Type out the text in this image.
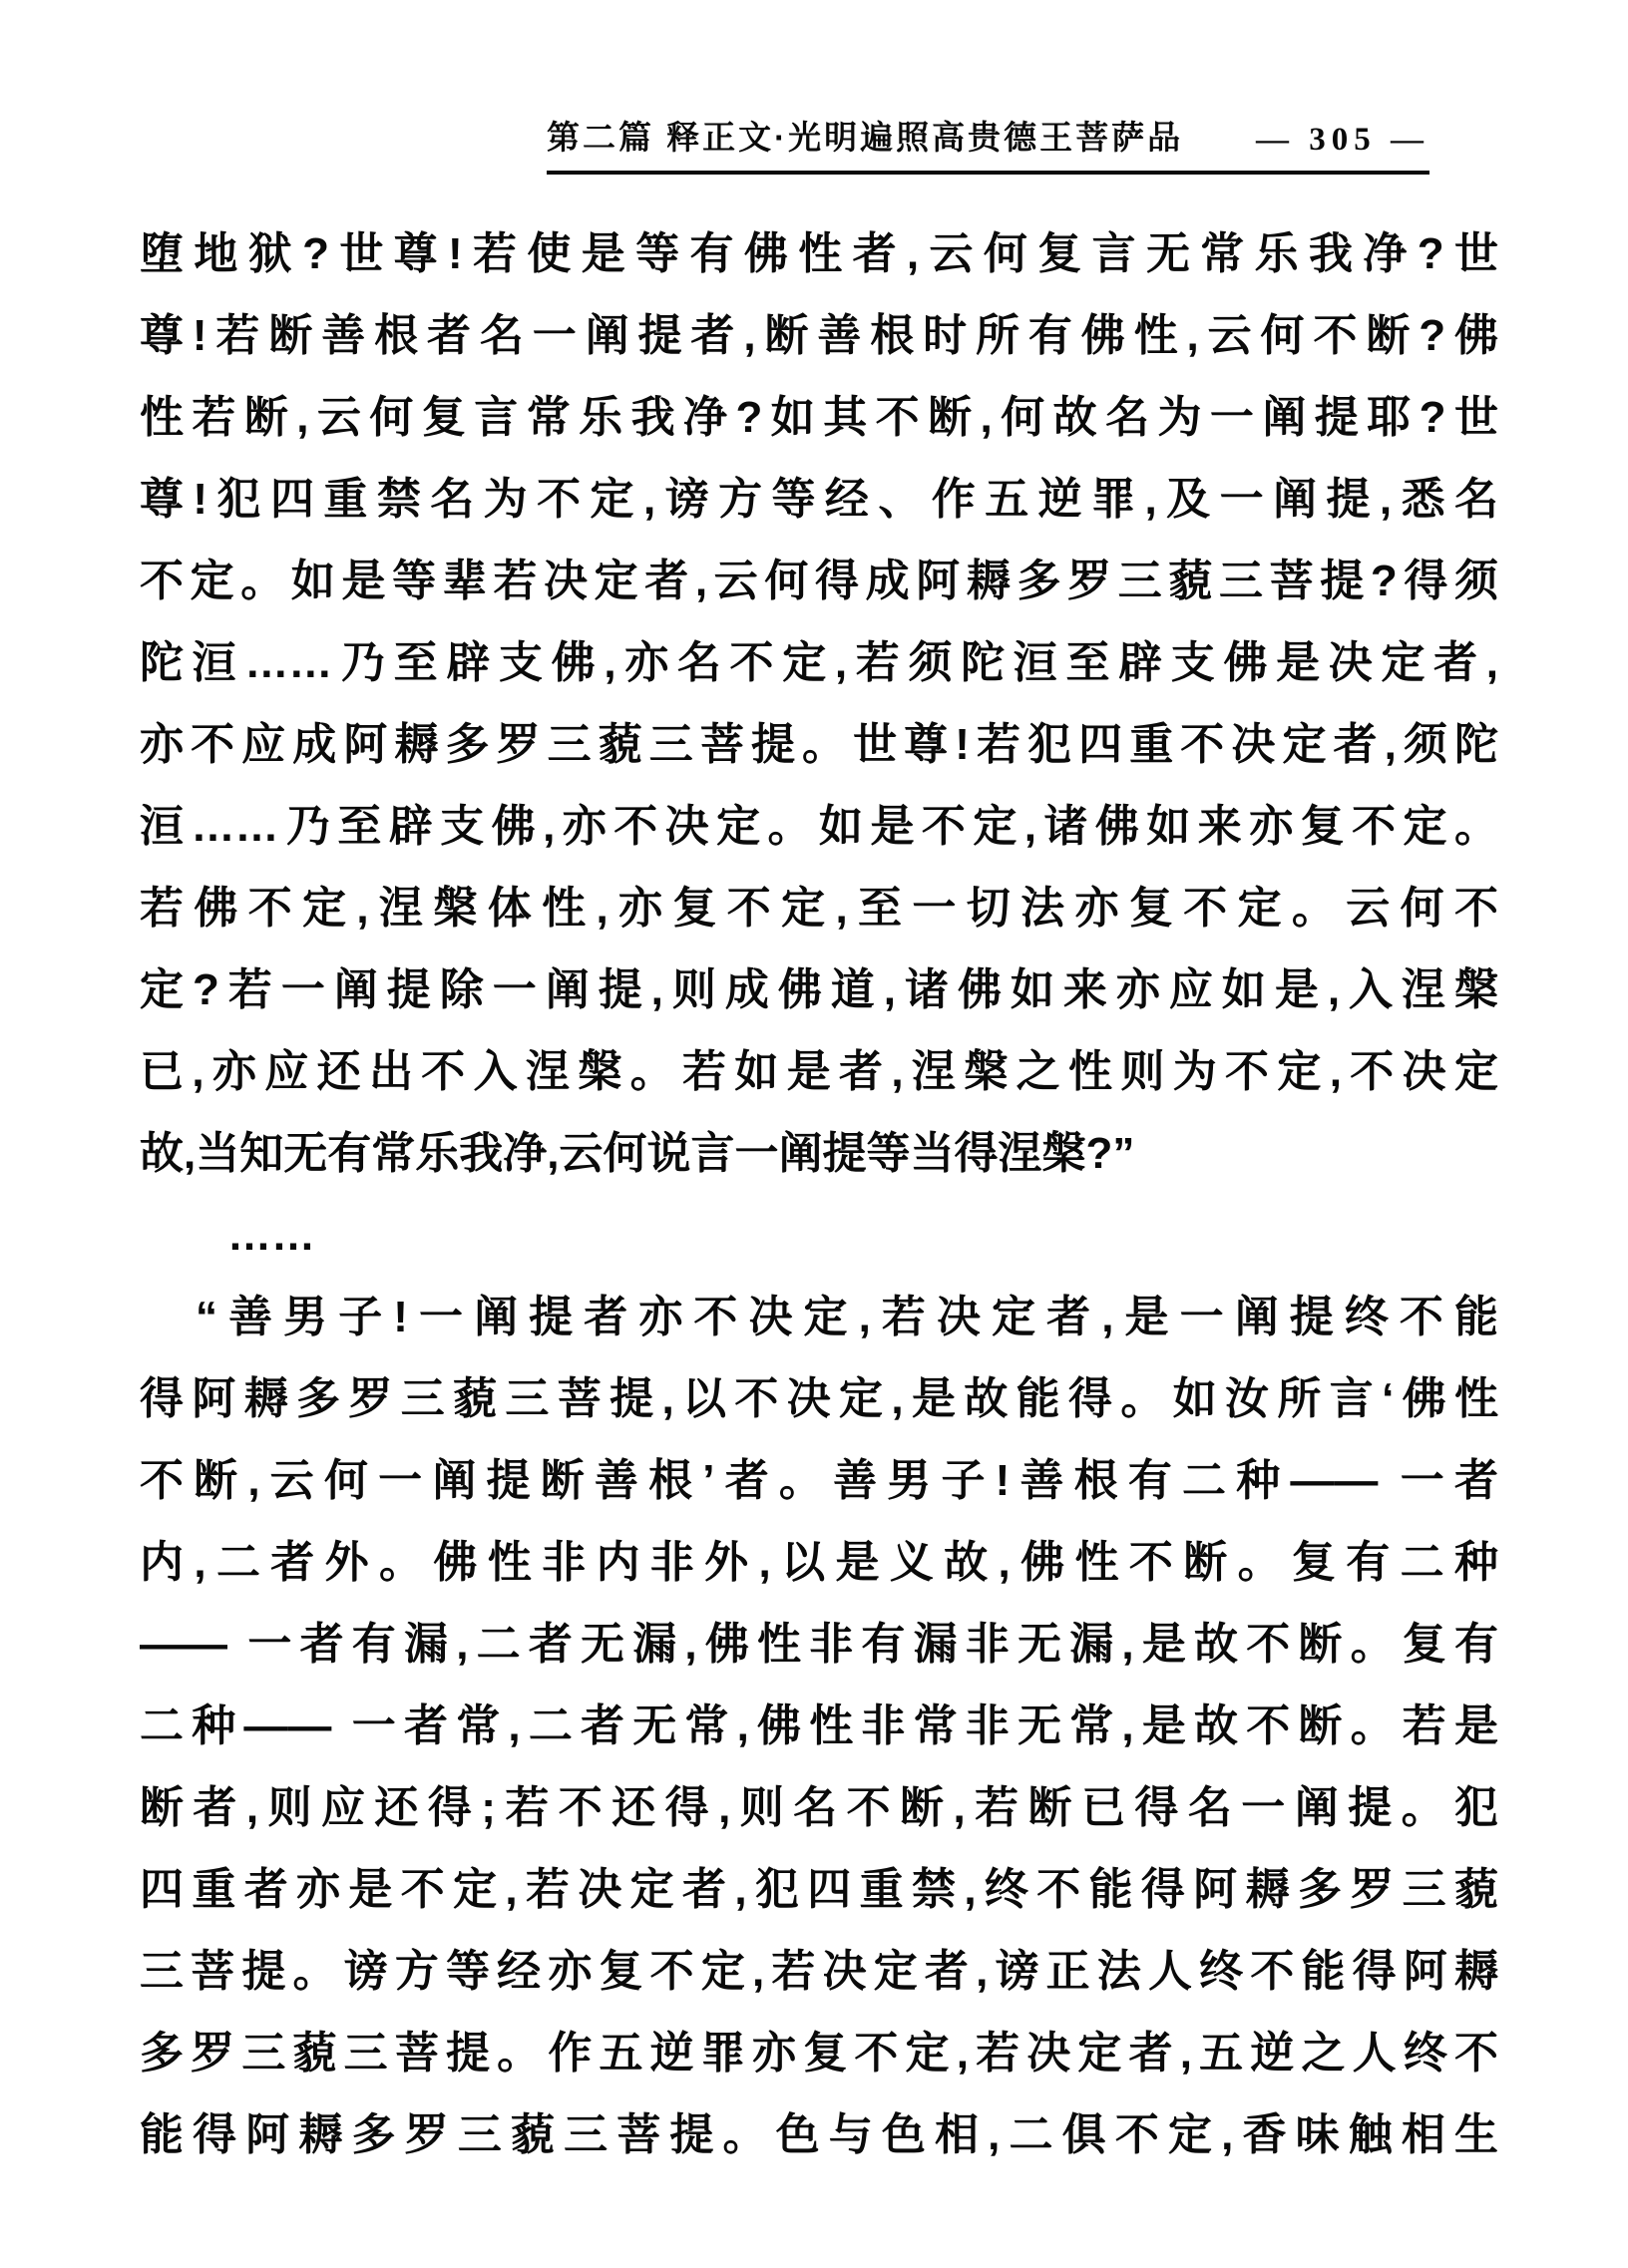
第二篇 释正文·光明遍照高贵德王菩萨品 — 305 —
堕地狱?世尊!若使是等有佛性者,云何复言无常乐我净?世
尊!若断善根者名一阐提者,断善根时所有佛性,云何不断?佛
性若断,云何复言常乐我净?如其不断,何故名为一阐提耶?世
尊!犯四重禁名为不定,谤方等经、作五逆罪,及一阐提,悉名
不定。如是等辈若决定者,云何得成阿耨多罗三藐三菩提?得须
陀洹……乃至辟支佛,亦名不定,若须陀洹至辟支佛是决定者,
亦不应成阿耨多罗三藐三菩提。世尊!若犯四重不决定者,须陀
洹……乃至辟支佛,亦不决定。如是不定,诸佛如来亦复不定。
若佛不定,涅槃体性,亦复不定,至一切法亦复不定。云何不
定?若一阐提除一阐提,则成佛道,诸佛如来亦应如是,入涅槃
已,亦应还出不入涅槃。若如是者,涅槃之性则为不定,不决定
故,当知无有常乐我净,云何说言一阐提等当得涅槃?”
……
“善男子!一阐提者亦不决定,若决定者,是一阐提终不能
得阿耨多罗三藐三菩提,以不决定,是故能得。如汝所言‘佛性
不断,云何一阐提断善根’者。善男子!善根有二种—— 一者
内,二者外。佛性非内非外,以是义故,佛性不断。复有二种
—— 一者有漏,二者无漏,佛性非有漏非无漏,是故不断。复有
二种—— 一者常,二者无常,佛性非常非无常,是故不断。若是
断者,则应还得;若不还得,则名不断,若断已得名一阐提。犯
四重者亦是不定,若决定者,犯四重禁,终不能得阿耨多罗三藐
三菩提。谤方等经亦复不定,若决定者,谤正法人终不能得阿耨
多罗三藐三菩提。作五逆罪亦复不定,若决定者,五逆之人终不
能得阿耨多罗三藐三菩提。色与色相,二俱不定,香味触相生
